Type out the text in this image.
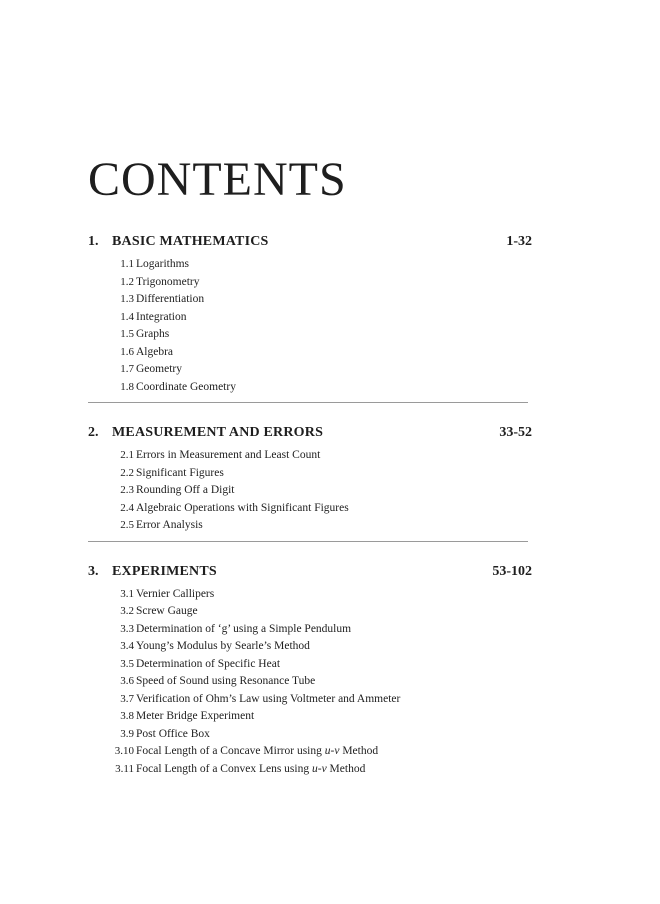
CONTENTS
1. BASIC MATHEMATICS	1-32
1.1 Logarithms
1.2 Trigonometry
1.3 Differentiation
1.4 Integration
1.5 Graphs
1.6 Algebra
1.7 Geometry
1.8 Coordinate Geometry
2. MEASUREMENT AND ERRORS	33-52
2.1 Errors in Measurement and Least Count
2.2 Significant Figures
2.3 Rounding Off a Digit
2.4 Algebraic Operations with Significant Figures
2.5 Error Analysis
3. EXPERIMENTS	53-102
3.1 Vernier Callipers
3.2 Screw Gauge
3.3 Determination of ‘g’ using a Simple Pendulum
3.4 Young’s Modulus by Searle’s Method
3.5 Determination of Specific Heat
3.6 Speed of Sound using Resonance Tube
3.7 Verification of Ohm’s Law using Voltmeter and Ammeter
3.8 Meter Bridge Experiment
3.9 Post Office Box
3.10 Focal Length of a Concave Mirror using u-v Method
3.11 Focal Length of a Convex Lens using u-v Method
